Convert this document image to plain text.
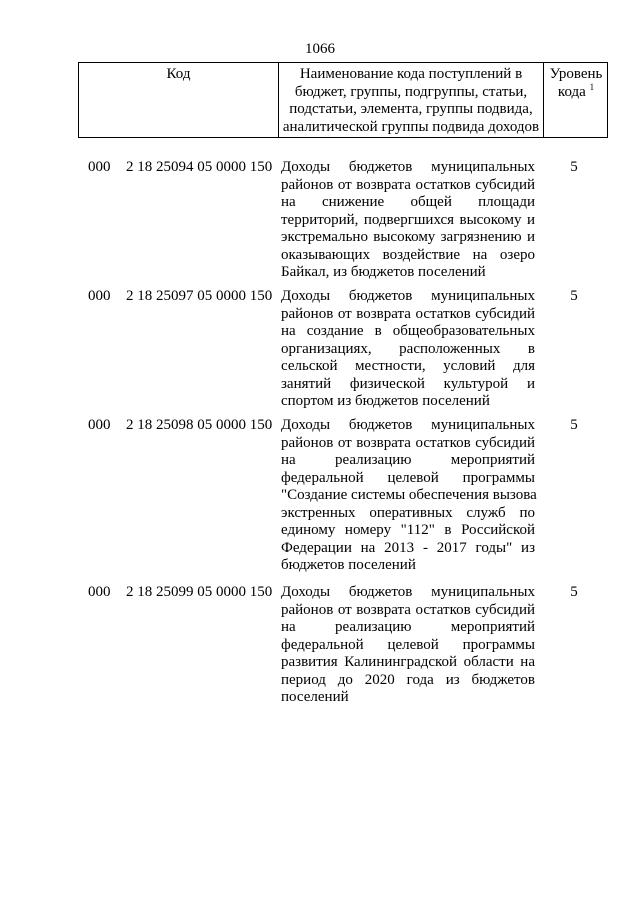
1066
Код	Наименование кода поступлений в
бюджет, группы, подгруппы, статьи,
подстатьи, элемента, группы подвида,
аналитической группы подвида доходов
Уровень
кода $^1$
000 2 18 25094 05 0000 150 Доходы бюджетов муниципальных
районов от возврата остатков субсидий
на снижение общей площади
территорий, подвергшихся высокому и
экстремально высокому загрязнению и
оказывающих воздействие на озеро
Байкал, из бюджетов поселений
5
000 2 18 25097 05 0000 150 Доходы бюджетов муниципальных
районов от возврата остатков субсидий
на создание в общеобразовательных
организациях, расположенных в
сельской местности, условий для
занятий физической культурой и
спортом из бюджетов поселений
5
000 2 18 25098 05 0000 150 Доходы бюджетов муниципальных
районов от возврата остатков субсидий
на реализацию мероприятий
федеральной целевой программы
"Создание системы обеспечения вызова
экстренных оперативных служб по
единому номеру "112" в Российской
Федерации на 2013 - 2017 годы" из
бюджетов поселений
5
000 2 18 25099 05 0000 150 Доходы бюджетов муниципальных
районов от возврата остатков субсидий
на реализацию мероприятий
федеральной целевой программы
развития Калининградской области на
период до 2020 года из бюджетов
поселений
5
